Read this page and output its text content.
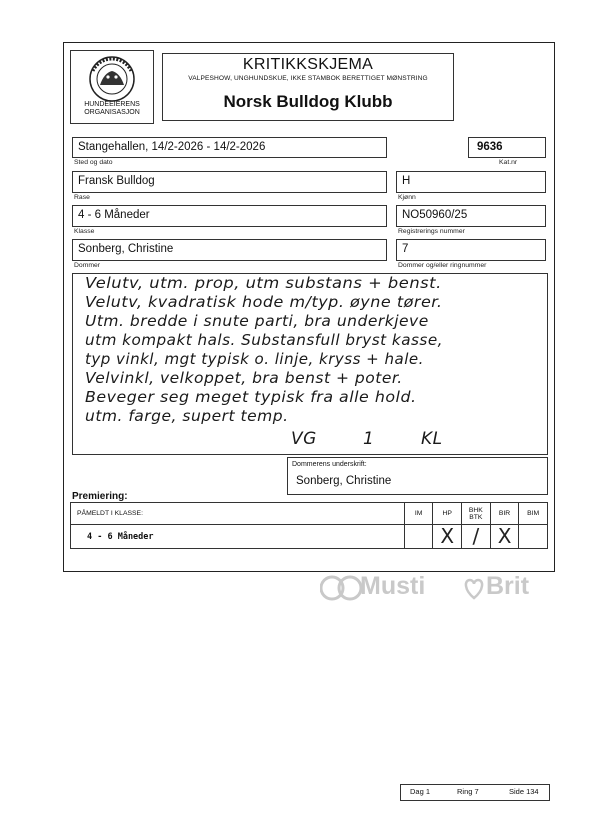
HUNDEEIERENS
ORGANISASJON
KRITIKKSKJEMA
VALPESHOW, UNGHUNDSKUE, IKKE STAMBOK BERETTIGET MØNSTRING
Norsk Bulldog Klubb
Stangehallen, 14/2-2026 - 14/2-2026
Sted og dato
9636
Kat.nr
Fransk Bulldog
Rase
H
Kjønn
4 - 6 Måneder
Klasse
NO50960/25
Registrerings nummer
Sonberg, Christine
Dommer
7
Dommer og/eller ringnummer
Velutv, utm. prop, utm substans + benst.
Velutv, kvadratisk hode m/typ. øyne tører.
Utm. bredde i snute parti, bra underkjeve
utm kompakt hals. Substansfull bryst kasse,
typ vinkl, mgt typisk o. linje, kryss + hale.
Velvinkl, velkoppet, bra benst + poter.
Beveger seg meget typisk fra alle hold.
utm. farge, supert temp.
VG	1	KL
Dommerens underskrift:
Sonberg, Christine
Premiering:
PÅMELDT I KLASSE:	IM	HP	BHK BTK	BIR	BIM
4 - 6 Måneder		X	/	X	
Musti Brit
Dag 1	Ring 7	Side 134
